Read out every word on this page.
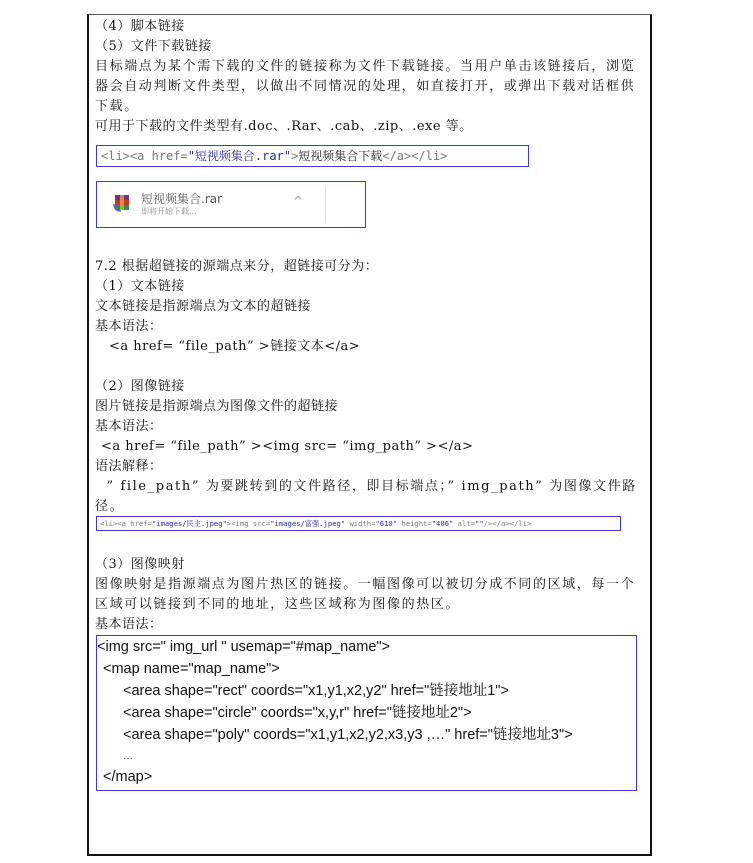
（4）脚本链接
（5）文件下载链接
目标端点为某个需下载的文件的链接称为文件下载链接。当用户单击该链接后，浏览器会自动判断文件类型，以做出不同情况的处理，如直接打开，或弹出下载对话框供下载。
可用于下载的文件类型有.doc、.Rar、.cab、.zip、.exe 等。
<li><a href="短视频集合.rar">短视频集合下载</a></li>
短视频集合.rar
即将开始下载...
^
7.2 根据超链接的源端点来分，超链接可分为：
（1）文本链接
文本链接是指源端点为文本的超链接
基本语法：
<a href= “file_path” >链接文本</a>
（2）图像链接
图片链接是指源端点为图像文件的超链接
基本语法：
<a href= “file_path” ><img src= “img_path” ></a>
语法解释：
” file_path” 为要跳转到的文件路径，即目标端点；” img_path” 为图像文件路径。
<li><a href="images/民主.jpeg"><img src="images/富强.jpeg" width="610" height="406" alt=""/></a></li>
（3）图像映射
图像映射是指源端点为图片热区的链接。一幅图像可以被切分成不同的区域，每一个区域可以链接到不同的地址，这些区域称为图像的热区。
基本语法：
<img src=" img_url " usemap="#map_name">
<map name="map_name">
<area shape="rect" coords="x1,y1,x2,y2" href="链接地址1">
<area shape="circle" coords="x,y,r" href="链接地址2">
<area shape="poly" coords="x1,y1,x2,y2,x3,y3 ,…" href="链接地址3">
…
</map>
